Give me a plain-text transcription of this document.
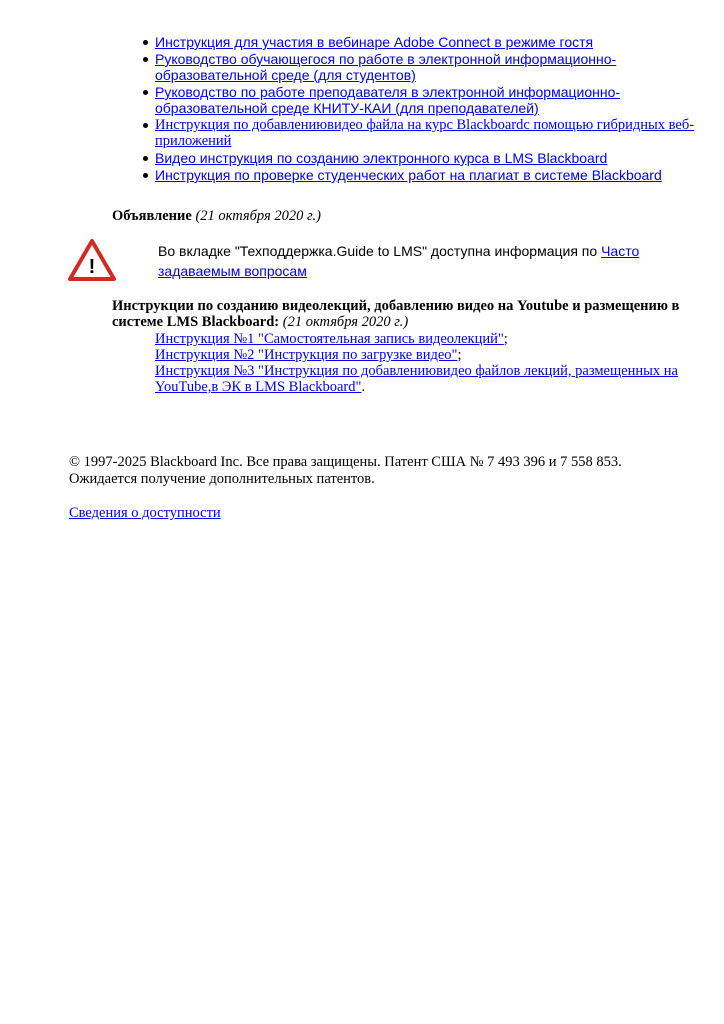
Инструкция для участия в вебинаре Adobe Connect в режиме гостя
Руководство обучающегося по работе в электронной информационно-образовательной среде (для студентов)
Руководство по работе преподавателя в электронной информационно-образовательной среде КНИТУ-КАИ (для преподавателей)
Инструкция по добавлениювидео файла на курс Blackboardс помощью гибридных веб-приложений
Видео инструкция по созданию электронного курса в LMS Blackboard
Инструкция по проверке студенческих работ на плагиат в системе Blackboard
Объявление (21 октября 2020 г.)
!
Во вкладке "Техподдержка.Guide to LMS" доступна информация по Часто задаваемым вопросам
Инструкции по созданию видеолекций, добавлению видео на Youtube и размещению в системе LMS Blackboard: (21 октября 2020 г.)
Инструкция №1 "Самостоятельная запись видеолекций";
Инструкция №2 "Инструкция по загрузке видео";
Инструкция №3 "Инструкция по добавлениювидео файлов лекций, размещенных на YouTube,в ЭК в LMS Blackboard".
© 1997-2025 Blackboard Inc. Все права защищены. Патент США № 7 493 396 и 7 558 853. Ожидается получение дополнительных патентов.
Сведения о доступности
